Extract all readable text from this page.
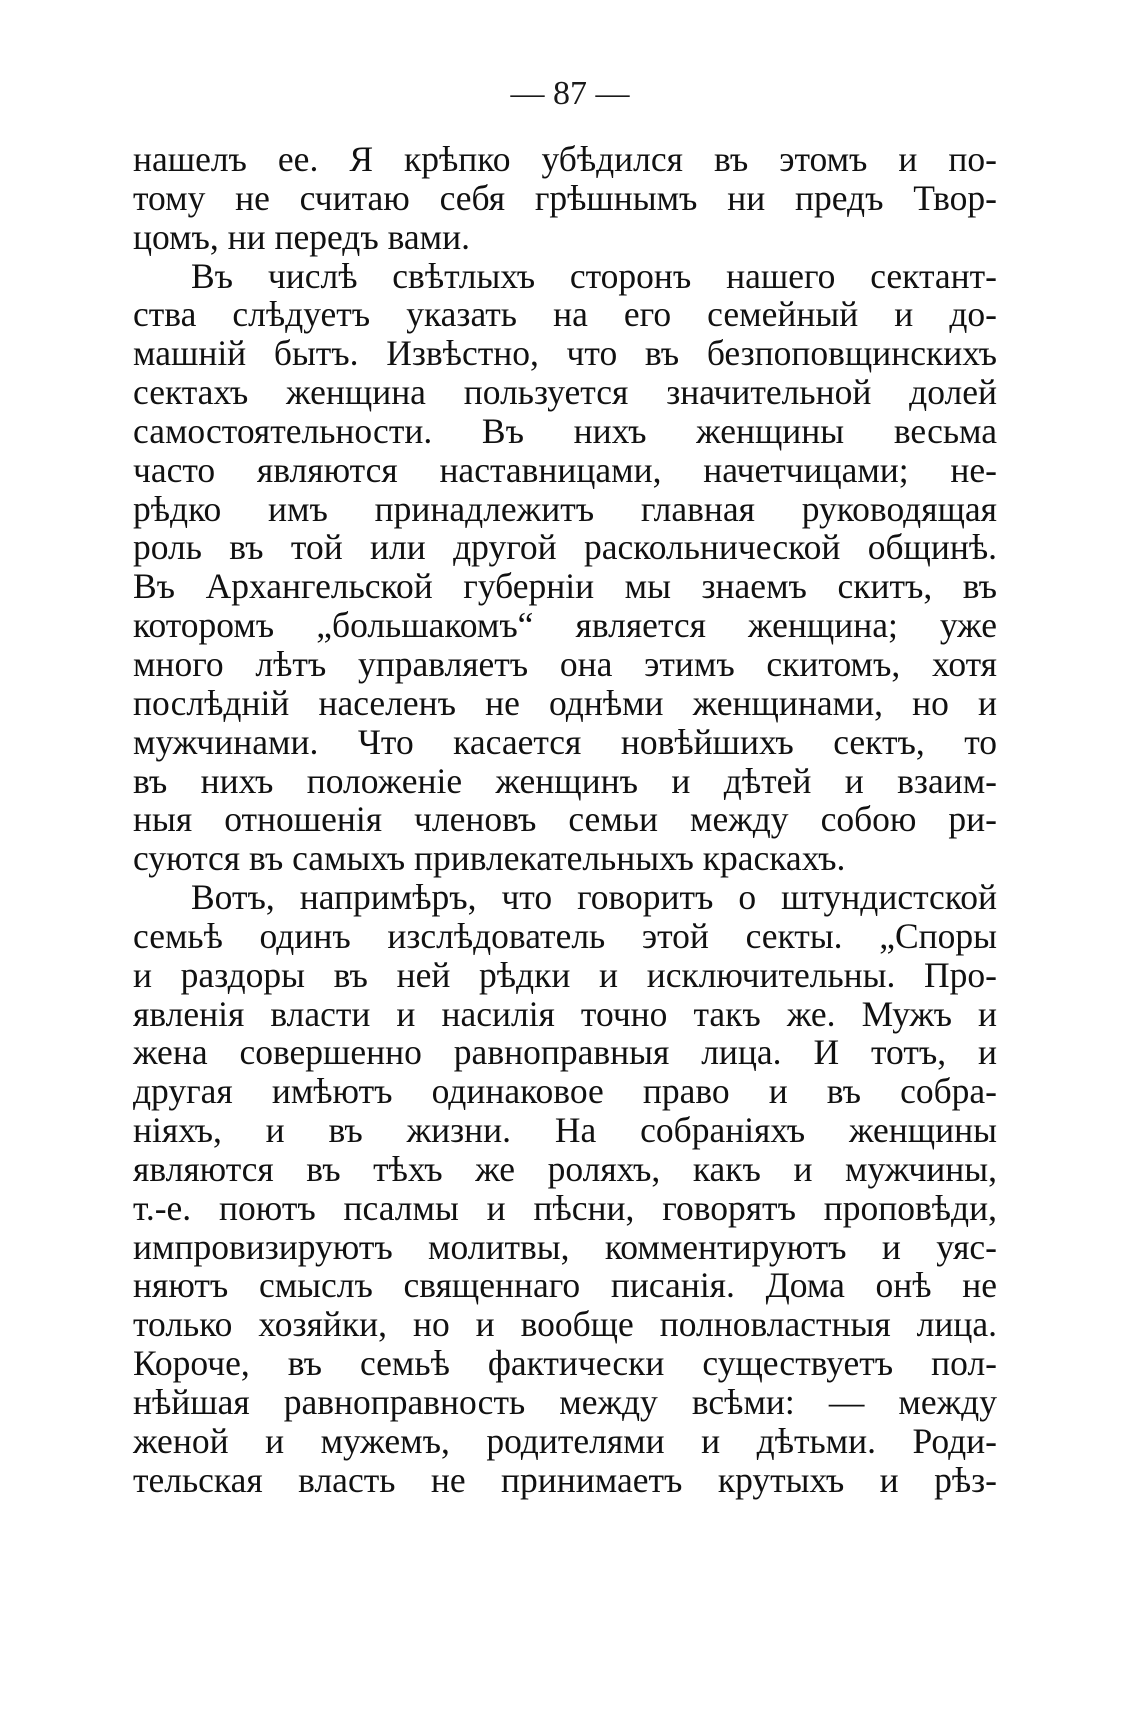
— 87 —
нашелъ ее. Я крѣпко убѣдился въ этомъ и по-
тому не считаю себя грѣшнымъ ни предъ Твор-
цомъ, ни передъ вами.
Въ числѣ свѣтлыхъ сторонъ нашего сектант-
ства слѣдуетъ указать на его семейный и до-
машній бытъ. Извѣстно, что въ безпоповщинскихъ
сектахъ женщина пользуется значительной долей
самостоятельности. Въ нихъ женщины весьма
часто являются наставницами, начетчицами; не-
рѣдко имъ принадлежитъ главная руководящая
роль въ той или другой раскольнической общинѣ.
Въ Архангельской губерніи мы знаемъ скитъ, въ
которомъ „большакомъ“ является женщина; уже
много лѣтъ управляетъ она этимъ скитомъ, хотя
послѣдній населенъ не однѣми женщинами, но и
мужчинами. Что касается новѣйшихъ сектъ, то
въ нихъ положеніе женщинъ и дѣтей и взаим-
ныя отношенія членовъ семьи между собою ри-
суются въ самыхъ привлекательныхъ краскахъ.
Вотъ, напримѣръ, что говоритъ о штундистской
семьѣ одинъ изслѣдователь этой секты. „Споры
и раздоры въ ней рѣдки и исключительны. Про-
явленія власти и насилія точно такъ же. Мужъ и
жена совершенно равноправныя лица. И тотъ, и
другая имѣютъ одинаковое право и въ собра-
ніяхъ, и въ жизни. На собраніяхъ женщины
являются въ тѣхъ же роляхъ, какъ и мужчины,
т.-е. поютъ псалмы и пѣсни, говорятъ проповѣди,
импровизируютъ молитвы, комментируютъ и уяс-
няютъ смыслъ священнаго писанія. Дома онѣ не
только хозяйки, но и вообще полновластныя лица.
Короче, въ семьѣ фактически существуетъ пол-
нѣйшая равноправность между всѣми: — между
женой и мужемъ, родителями и дѣтьми. Роди-
тельская власть не принимаетъ крутыхъ и рѣз-
